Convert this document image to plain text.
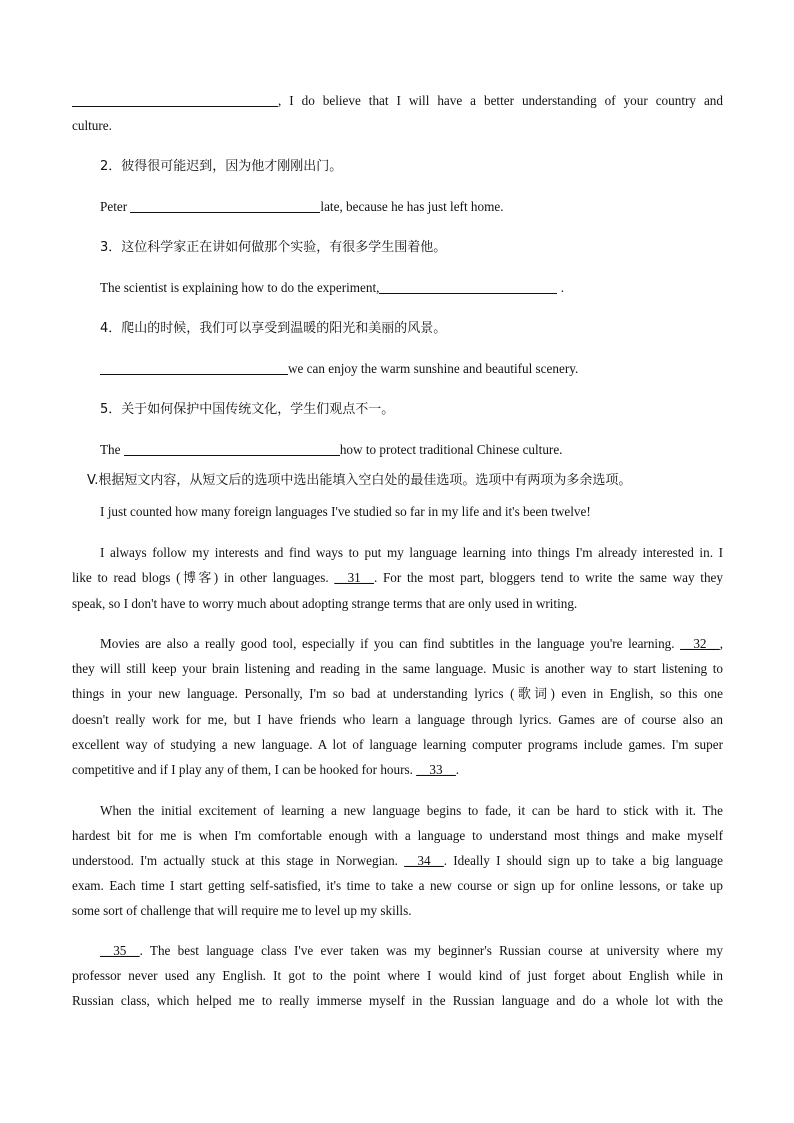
, I do believe that I will have a better understanding of your country and

culture.

2．彼得很可能迟到，因为他才刚刚出门。

Peter	late, because he has just left home.

3．这位科学家正在讲如何做那个实验，有很多学生围着他。

The scientist is explaining how to do the experiment,	.

4．爬山的时候，我们可以享受到温暖的阳光和美丽的风景。

we can enjoy the warm sunshine and beautiful scenery.

5．关于如何保护中国传统文化，学生们观点不一。

The	how to protect traditional Chinese culture.

V.根据短文内容，从短文后的选项中选出能填入空白处的最佳选项。选项中有两项为多余选项。

I just counted how many foreign languages I've studied so far in my life and it's been twelve!

I always follow my interests and find ways to put my language learning into things I'm already interested in. I

like to read blogs (博客) in other languages. __31__. For the most part, bloggers tend to write the same way they

speak, so I don't have to worry much about adopting strange terms that are only used in writing.

Movies are also a really good tool, especially if you can find subtitles in the language you're learning. __32__,

they will still keep your brain listening and reading in the same language. Music is another way to start listening to

things in your new language. Personally, I'm so bad at understanding lyrics (歌词) even in English, so this one

doesn't really work for me, but I have friends who learn a language through lyrics. Games are of course also an

excellent way of studying a new language. A lot of language learning computer programs include games. I'm super

competitive and if I play any of them, I can be hooked for hours. __33__.

When the initial excitement of learning a new language begins to fade, it can be hard to stick with it. The

hardest bit for me is when I'm comfortable enough with a language to understand most things and make myself

understood. I'm actually stuck at this stage in Norwegian. __34__. Ideally I should sign up to take a big language

exam. Each time I start getting self-satisfied, it's time to take a new course or sign up for online lessons, or take up

some sort of challenge that will require me to level up my skills.

__35__. The best language class I've ever taken was my beginner's Russian course at university where my

professor never used any English. It got to the point where I would kind of just forget about English while in

Russian class, which helped me to really immerse myself in the Russian language and do a whole lot with the
